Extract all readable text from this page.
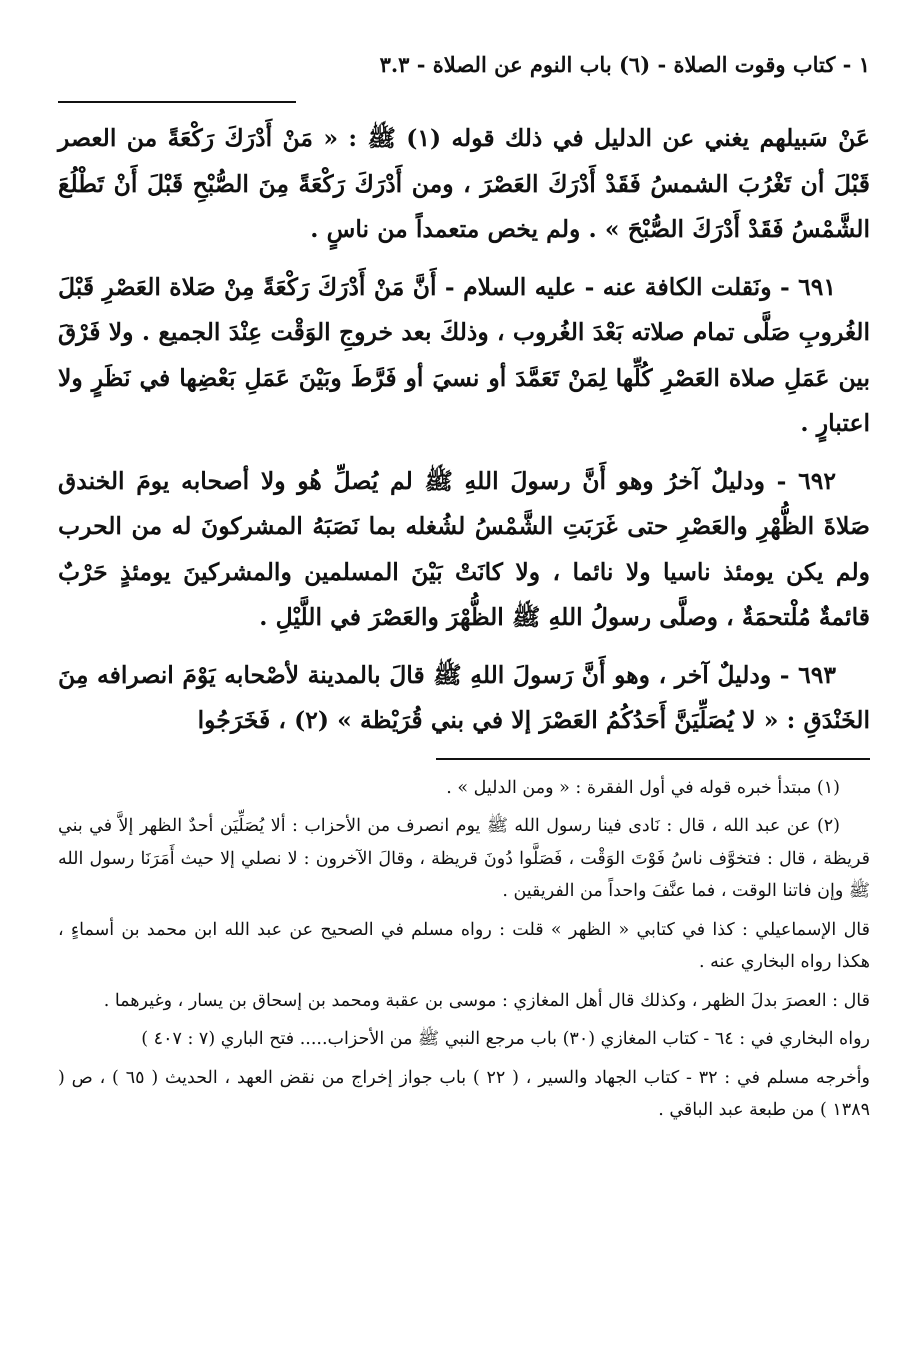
١ - كتاب وقوت الصلاة - (٦) باب النوم عن الصلاة - ٣.٣

عَنْ سَبيلهم يغني عن الدليل في ذلك قوله (١) ﷺ : « مَنْ أَدْرَكَ رَكْعَةً من العصر قَبْلَ أن تَغْرُبَ الشمسُ فَقَدْ أَدْرَكَ العَصْرَ ، ومن أَدْرَكَ رَكْعَةً مِنَ الصُّبْحِ قَبْلَ أَنْ تَطْلُعَ الشَّمْسُ فَقَدْ أَدْرَكَ الصُّبْحَ » . ولم يخص متعمداً من ناسٍ .

٦٩١ - ونَقلت الكافة عنه - عليه السلام - أَنَّ مَنْ أَدْرَكَ رَكْعَةً مِنْ صَلاة العَصْرِ قَبْلَ الغُروبِ صَلَّى تمام صلاته بَعْدَ الغُروب ، وذلكَ بعد خروجِ الوَقْت عِنْدَ الجميع . ولا فَرْقَ بين عَمَلِ صلاة العَصْرِ كُلِّها لِمَنْ تَعَمَّدَ أو نسيَ أو فَرَّطَ وبَيْنَ عَمَلِ بَعْضِها في نَظَرٍ ولا اعتبارٍ .

٦٩٢ - ودليلٌ آخرُ وهو أَنَّ رسولَ اللهِ ﷺ لم يُصلِّ هُو ولا أصحابه يومَ الخندق صَلاةَ الظُّهْرِ والعَصْرِ حتى غَرَبَتِ الشَّمْسُ لشُغله بما نَصَبَهُ المشركونَ له من الحرب ولم يكن يومئذ ناسيا ولا نائما ، ولا كانَتْ بَيْنَ المسلمين والمشركينَ يومئذٍ حَرْبٌ قائمةٌ مُلْتحمَةٌ ، وصلَّى رسولُ اللهِ ﷺ الظُّهْرَ والعَصْرَ في اللَّيْلِ .

٦٩٣ - ودليلٌ آخر ، وهو أَنَّ رَسولَ اللهِ ﷺ قالَ بالمدينة لأصْحابه يَوْمَ انصرافه مِنَ الخَنْدَقِ : « لا يُصَلِّيَنَّ أَحَدُكُمُ العَصْرَ إلا في بني قُرَيْظة » (٢) ، فَخَرَجُوا

(١) مبتدأ خبره قوله في أول الفقرة : « ومن الدليل » .

(٢) عن عبد الله ، قال : نَادى فينا رسول الله ﷺ يوم انصرف من الأحزاب : ألا يُصَلِّيَن أحدٌ الظهر إلاَّ في بني قريظة ، قال : فتخوَّف ناسُ فَوْتَ الوَقْت ، فَصَلَّوا دُونَ قريظة ، وقالَ الآخرون : لا نصلي إلا حيث أَمَرَنَا رسول الله ﷺ وإن فاتنا الوقت ، فما عنَّفَ واحداً من الفريقين .

قال الإسماعيلي : كذا في كتابي « الظهر » قلت : رواه مسلم في الصحيح عن عبد الله ابن محمد بن أسماءٍ ، هكذا رواه البخاري عنه .

قال : العصرَ بدلَ الظهر ، وكذلك قال أهل المغازي : موسى بن عقبة ومحمد بن إسحاق بن يسار ، وغيرهما .

رواه البخاري في : ٦٤ - كتاب المغازي (٣٠) باب مرجع النبي ﷺ من الأحزاب..... فتح الباري (٧ : ٤٠٧ )

وأخرجه مسلم في : ٣٢ - كتاب الجهاد والسير ، ( ٢٢ ) باب جواز إخراج من نقض العهد ، الحديث ( ٦٥ ) ، ص ( ١٣٨٩ ) من طبعة عبد الباقي .
